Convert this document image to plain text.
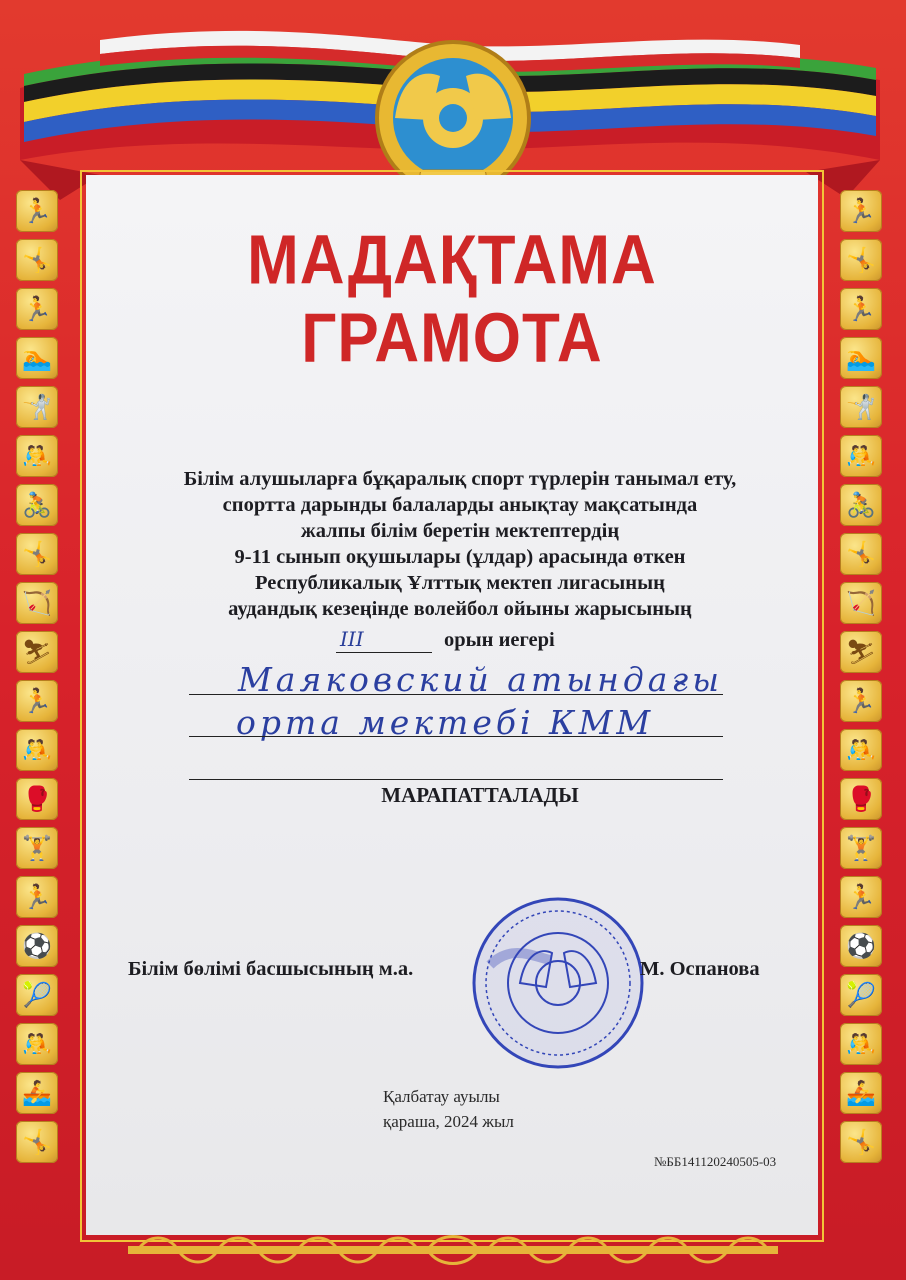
🏃
🤸
🏃
🏊
🤺
🤼
🚴
🤸
🏹
⛷
🏃
🤼
🥊
🏋
🏃
⚽
🎾
🤼
🚣
🤸
🏃
🤸
🏃
🏊
🤺
🤼
🚴
🤸
🏹
⛷
🏃
🤼
🥊
🏋
🏃
⚽
🎾
🤼
🚣
🤸
МАДАҚТАМА
ГРАМОТА
Білім алушыларға бұқаралық спорт түрлерін танымал ету,
спортта дарынды балаларды анықтау мақсатында
жалпы білім беретін мектептердің
9-11 сынып оқушылары (ұлдар) арасында өткен
Республикалық Ұлттық мектеп лигасының
аудандық кезеңінде волейбол ойыны жарысының
III	орын иегері
Маяковский атындағы
орта мектебі КММ
МАРАПАТТАЛАДЫ
Білім бөлімі басшысының м.а.	М. Оспанова
Қалбатау ауылы
қараша, 2024 жыл
№ББ141120240505-03
